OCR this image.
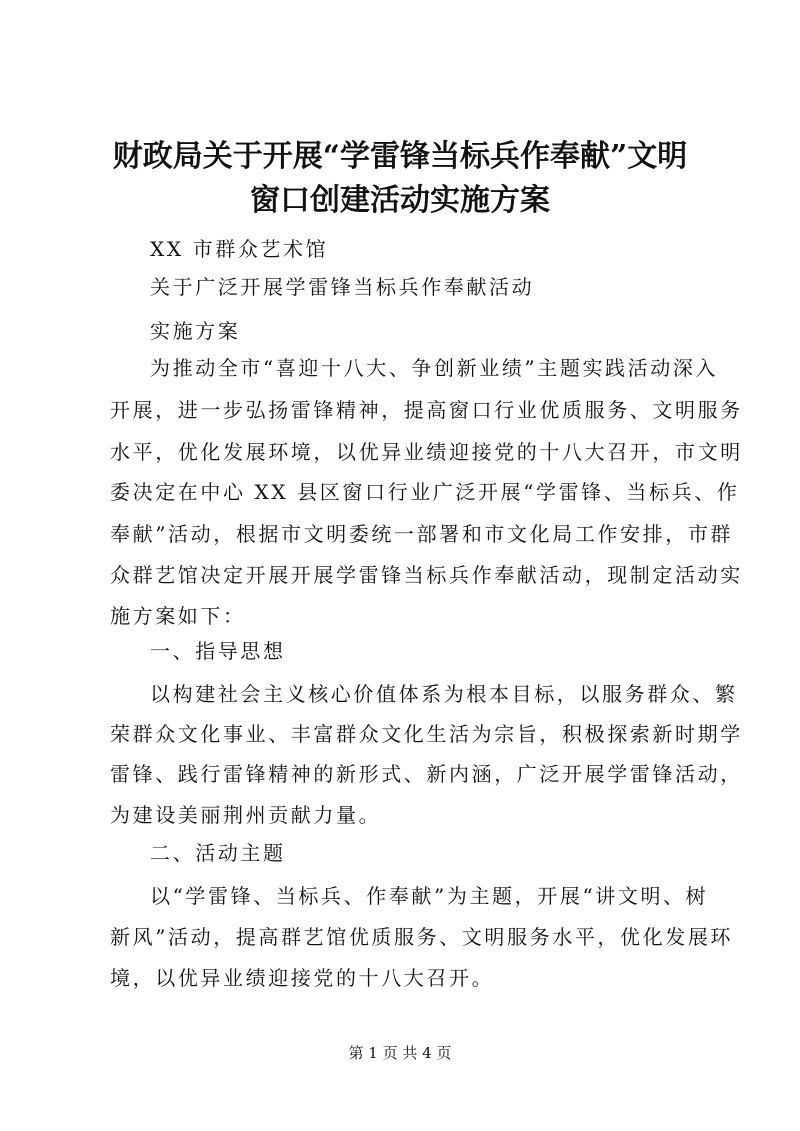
财政局关于开展“学雷锋当标兵作奉献”文明
窗口创建活动实施方案
XX 市群众艺术馆
关于广泛开展学雷锋当标兵作奉献活动
实施方案
为推动全市“喜迎十八大、争创新业绩”主题实践活动深入
开展，进一步弘扬雷锋精神，提高窗口行业优质服务、文明服务
水平，优化发展环境，以优异业绩迎接党的十八大召开，市文明
委决定在中心 XX 县区窗口行业广泛开展“学雷锋、当标兵、作
奉献”活动，根据市文明委统一部署和市文化局工作安排，市群
众群艺馆决定开展开展学雷锋当标兵作奉献活动，现制定活动实
施方案如下：
一、指导思想
以构建社会主义核心价值体系为根本目标，以服务群众、繁
荣群众文化事业、丰富群众文化生活为宗旨，积极探索新时期学
雷锋、践行雷锋精神的新形式、新内涵，广泛开展学雷锋活动，
为建设美丽荆州贡献力量。
二、活动主题
以“学雷锋、当标兵、作奉献”为主题，开展“讲文明、树
新风”活动，提高群艺馆优质服务、文明服务水平，优化发展环
境，以优异业绩迎接党的十八大召开。
第 1 页 共 4 页
